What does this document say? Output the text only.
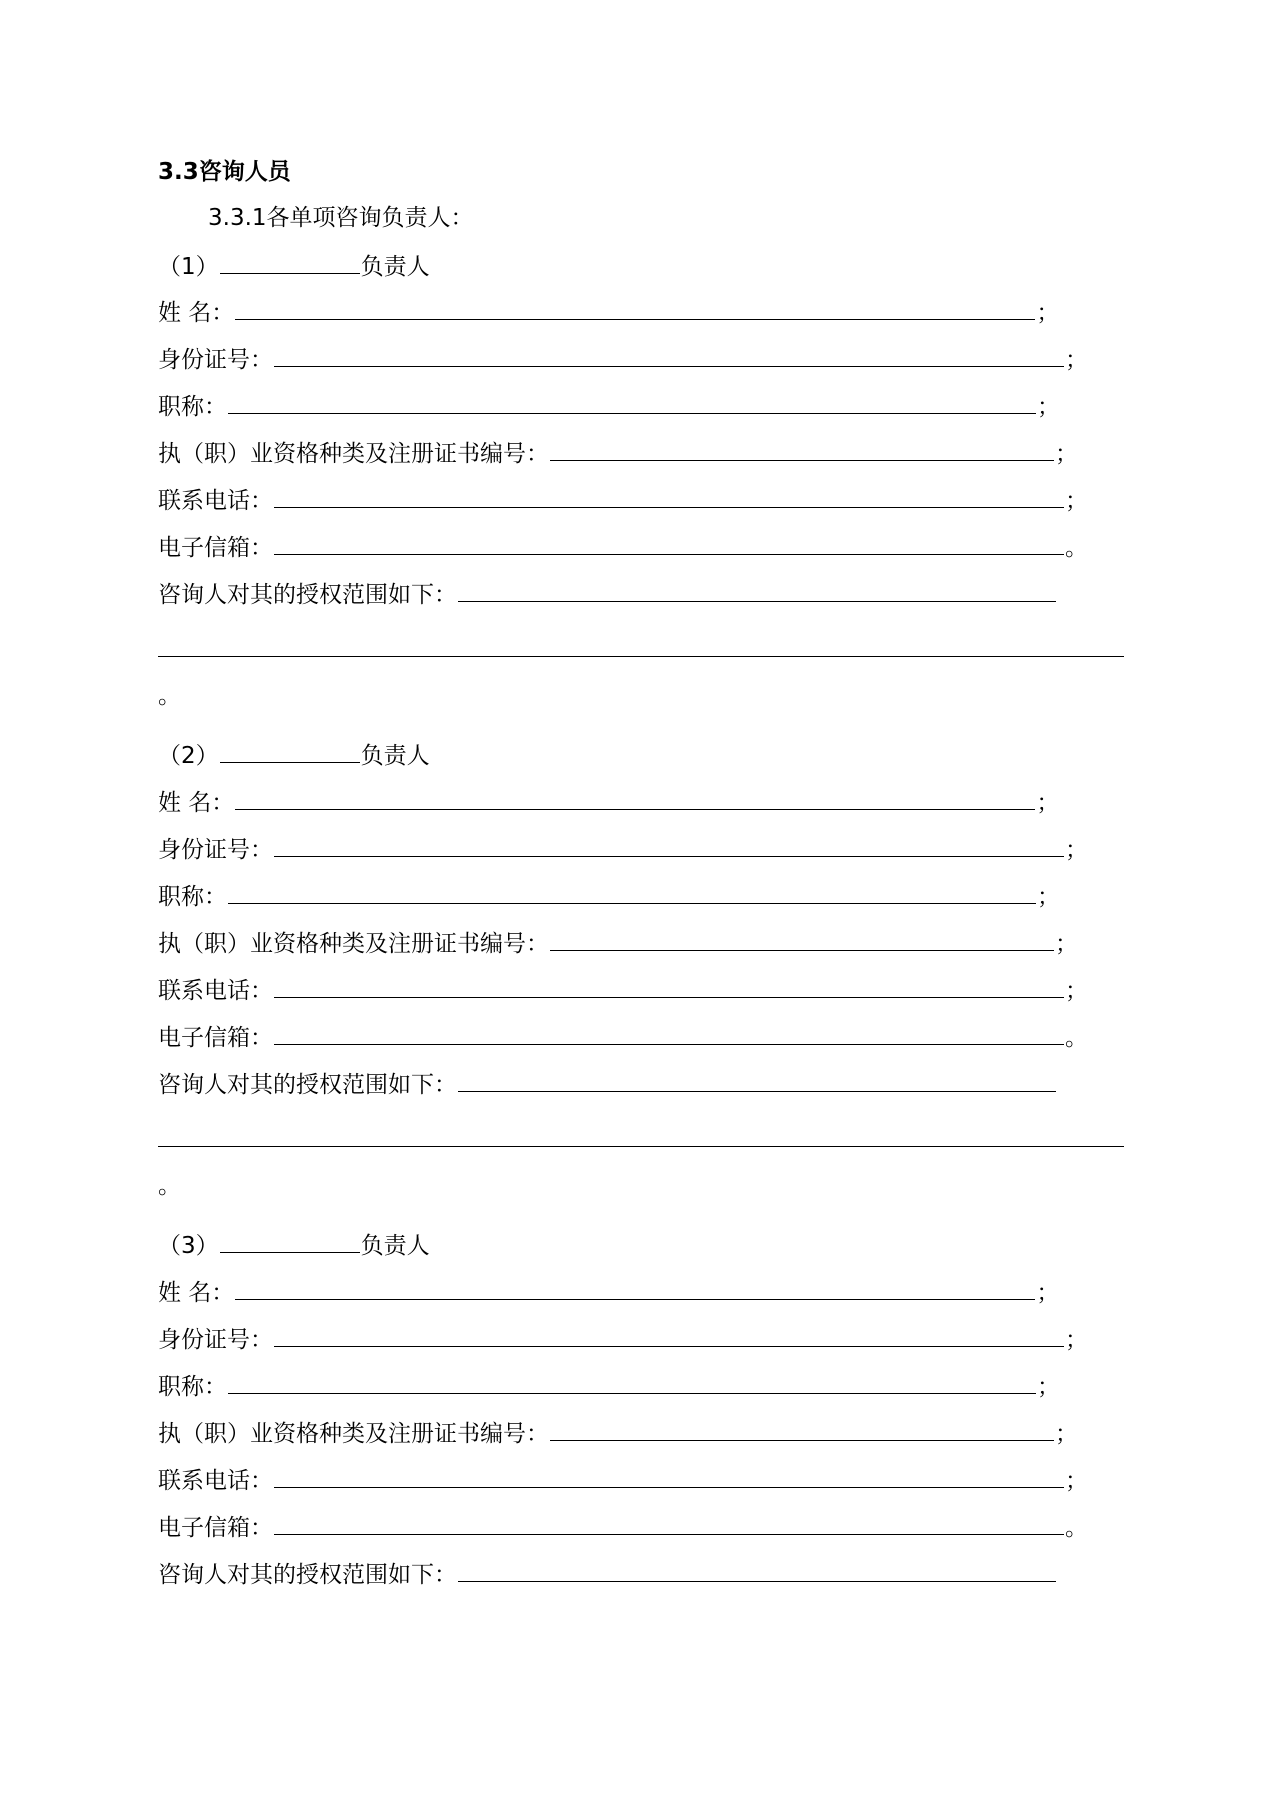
3.3咨询人员
3.3.1各单项咨询负责人：
（1）	负责人
姓 名：	；
身份证号：	；
职称：	；
执（职）业资格种类及注册证书编号：	；
联系电话：	；
电子信箱：	。
咨询人对其的授权范围如下：
。
（2）	负责人
姓 名：	；
身份证号：	；
职称：	；
执（职）业资格种类及注册证书编号：	；
联系电话：	；
电子信箱：	。
咨询人对其的授权范围如下：
。
（3）	负责人
姓 名：	；
身份证号：	；
职称：	；
执（职）业资格种类及注册证书编号：	；
联系电话：	；
电子信箱：	。
咨询人对其的授权范围如下：
